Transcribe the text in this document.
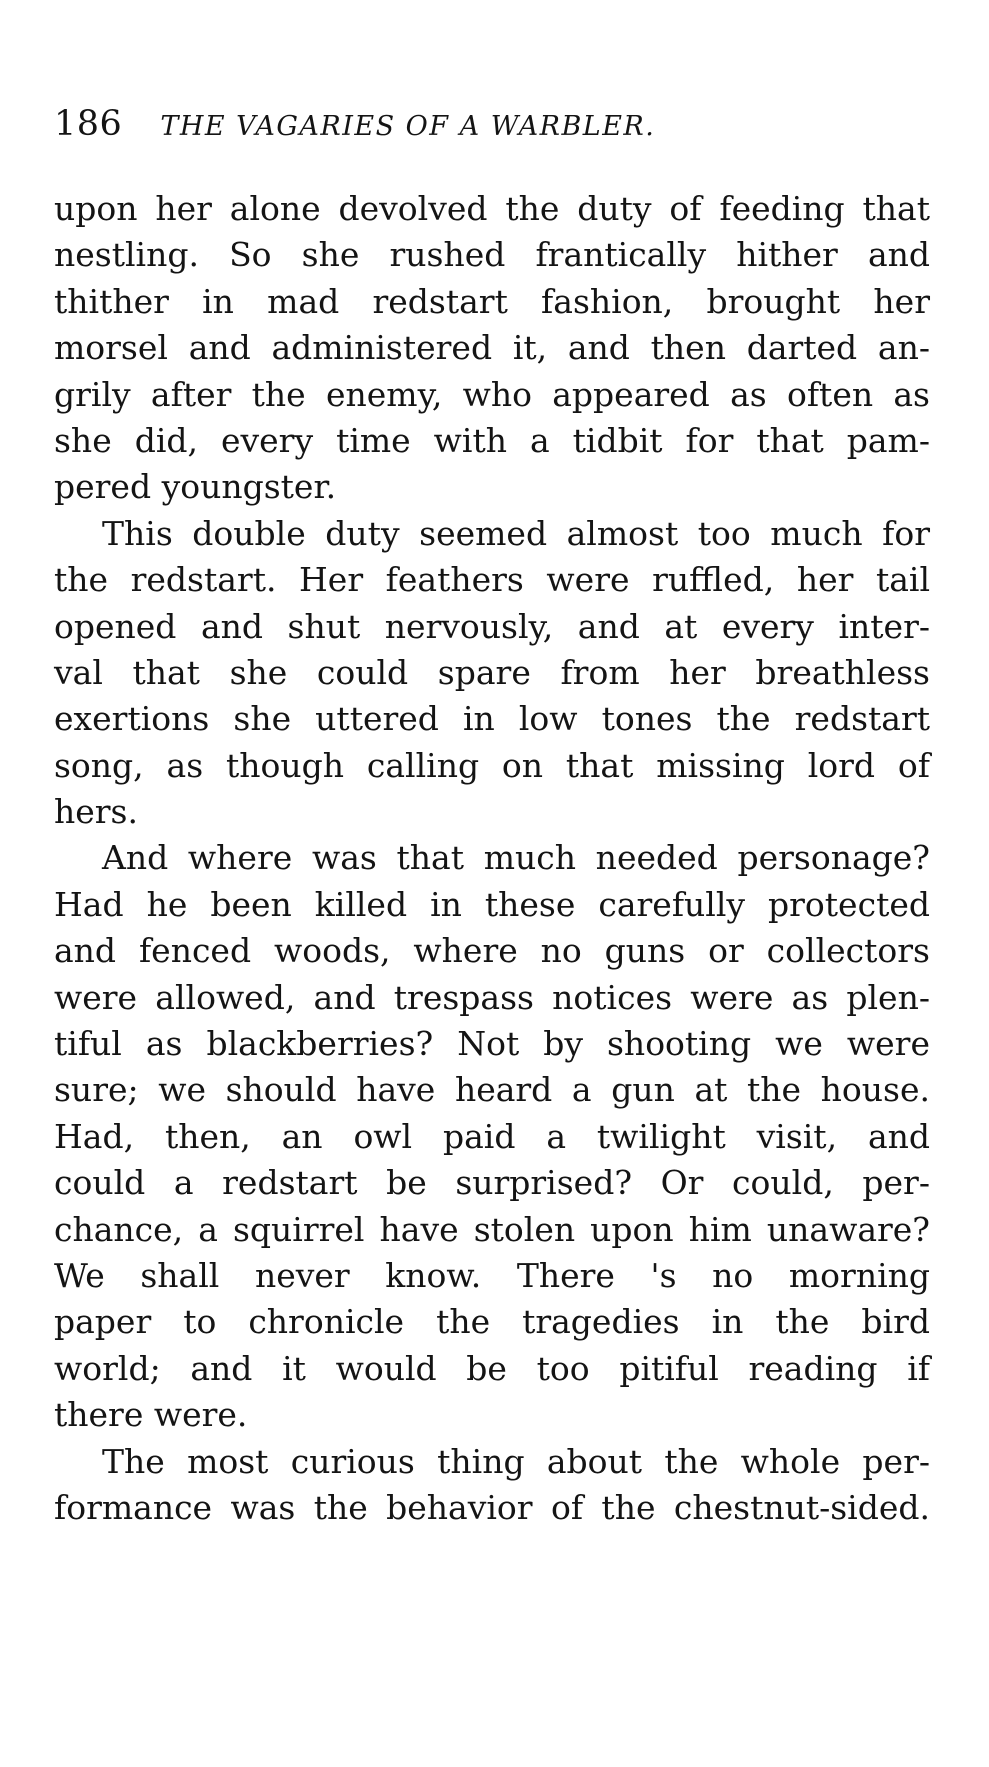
186 THE VAGARIES OF A WARBLER.
upon her alone devolved the duty of feeding that
nestling. So she rushed frantically hither and
thither in mad redstart fashion, brought her
morsel and administered it, and then darted an-
grily after the enemy, who appeared as often as
she did, every time with a tidbit for that pam-
pered youngster.
This double duty seemed almost too much for
the redstart. Her feathers were ruffled, her tail
opened and shut nervously, and at every inter-
val that she could spare from her breathless
exertions she uttered in low tones the redstart
song, as though calling on that missing lord of
hers.
And where was that much needed personage?
Had he been killed in these carefully protected
and fenced woods, where no guns or collectors
were allowed, and trespass notices were as plen-
tiful as blackberries? Not by shooting we were
sure; we should have heard a gun at the house.
Had, then, an owl paid a twilight visit, and
could a redstart be surprised? Or could, per-
chance, a squirrel have stolen upon him unaware?
We shall never know. There 's no morning
paper to chronicle the tragedies in the bird
world; and it would be too pitiful reading if
there were.
The most curious thing about the whole per-
formance was the behavior of the chestnut-sided.
